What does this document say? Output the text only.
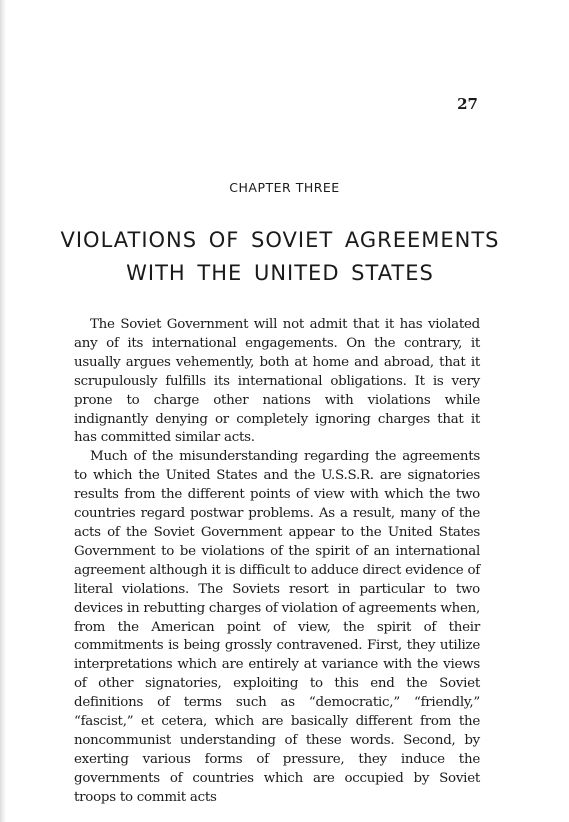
27
CHAPTER THREE
VIOLATIONS OF SOVIET AGREEMENTS
WITH THE UNITED STATES

The Soviet Government will not admit that it has violated any of its international engagements. On the contrary, it usually argues vehemently, both at home and abroad, that it scrupulously fulfills its international obligations. It is very prone to charge other nations with violations while indignantly denying or completely ignoring charges that it has committed similar acts.

Much of the misunderstanding regarding the agreements to which the United States and the U.S.S.R. are signatories results from the different points of view with which the two countries regard postwar problems. As a result, many of the acts of the Soviet Government appear to the United States Government to be violations of the spirit of an international agreement although it is difficult to adduce direct evidence of literal violations. The Soviets resort in particular to two devices in rebutting charges of violation of agreements when, from the American point of view, the spirit of their commitments is being grossly contravened. First, they utilize interpretations which are entirely at variance with the views of other signatories, exploiting to this end the Soviet definitions of terms such as “democratic,” “friendly,” “fascist,” et cetera, which are basically different from the noncommunist understanding of these words. Second, by exerting various forms of pressure, they induce the governments of countries which are occupied by Soviet troops to commit acts
